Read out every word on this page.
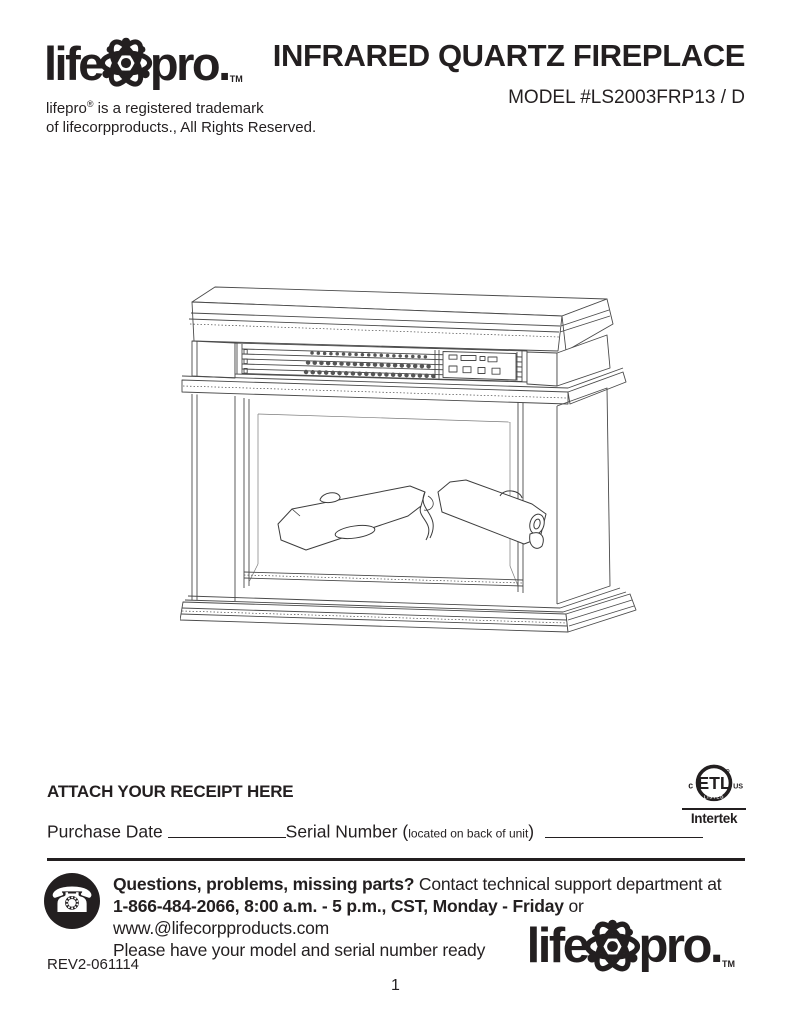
life pro. TM
lifepro® is a registered trademark
of lifecorpproducts., All Rights Reserved.
INFRARED QUARTZ FIREPLACE
MODEL #LS2003FRP13 / D
ATTACH YOUR RECEIPT HERE
Purchase Date	Serial Number (located on back of unit)
ETL
LISTED
c	US
Intertek
☎	Questions, problems, missing parts? Contact technical support department at
1-866-484-2066, 8:00 a.m. - 5 p.m., CST, Monday - Friday or www.@lifecorpproducts.com
Please have your model and serial number ready life pro. TM
REV2-061114
1
